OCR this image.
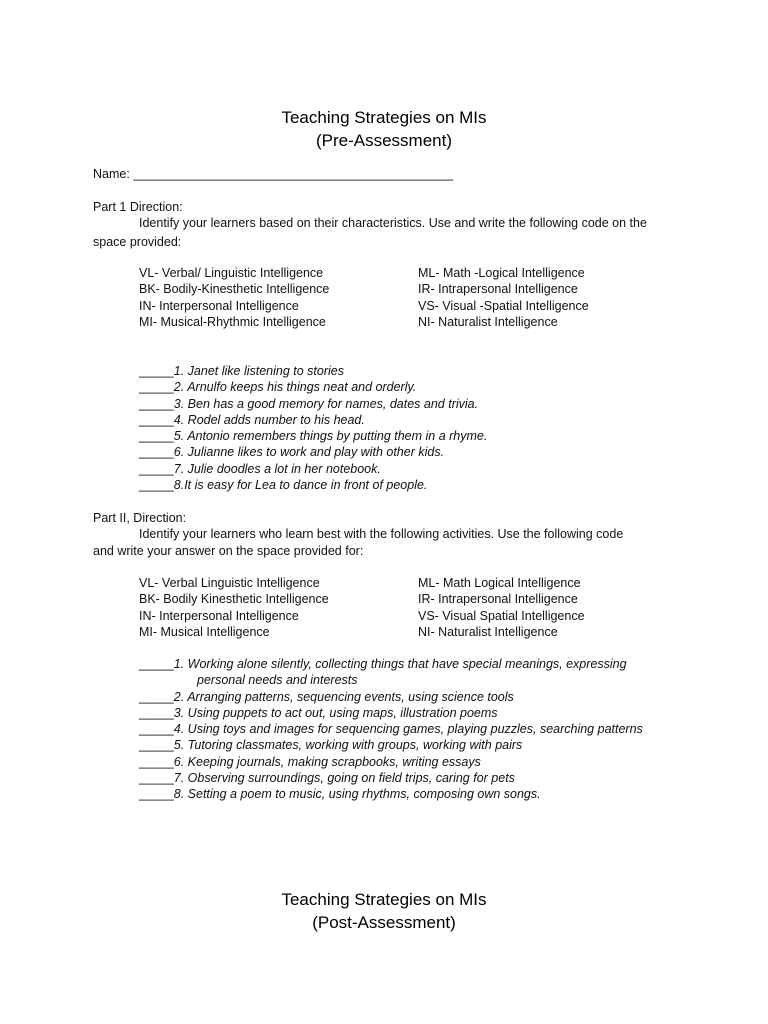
Teaching Strategies on MIs
(Pre-Assessment)
Name: ______________________________________________
Part 1 Direction:
Identify your learners based on their characteristics. Use and write the following code on the
space provided:
VL- Verbal/ Linguistic Intelligence
BK- Bodily-Kinesthetic Intelligence
IN- Interpersonal Intelligence
MI- Musical-Rhythmic Intelligence
ML- Math -Logical Intelligence
IR- Intrapersonal Intelligence
VS- Visual -Spatial Intelligence
NI- Naturalist Intelligence
_____1. Janet like listening to stories
_____2. Arnulfo keeps his things neat and orderly.
_____3. Ben has a good memory for names, dates and trivia.
_____4. Rodel adds number to his head.
_____5. Antonio remembers things by putting them in a rhyme.
_____6. Julianne likes to work and play with other kids.
_____7. Julie doodles a lot in her notebook.
_____8.It is easy for Lea to dance in front of people.
Part II, Direction:
Identify your learners who learn best with the following activities. Use the following code
and write your answer on the space provided for:
VL- Verbal Linguistic Intelligence
BK- Bodily Kinesthetic Intelligence
IN- Interpersonal Intelligence
MI- Musical Intelligence
ML- Math Logical Intelligence
IR- Intrapersonal Intelligence
VS- Visual Spatial Intelligence
NI- Naturalist Intelligence
_____1. Working alone silently, collecting things that have special meanings, expressing
personal needs and interests
_____2. Arranging patterns, sequencing events, using science tools
_____3. Using puppets to act out, using maps, illustration poems
_____4. Using toys and images for sequencing games, playing puzzles, searching patterns
_____5. Tutoring classmates, working with groups, working with pairs
_____6. Keeping journals, making scrapbooks, writing essays
_____7. Observing surroundings, going on field trips, caring for pets
_____8. Setting a poem to music, using rhythms, composing own songs.
Teaching Strategies on MIs
(Post-Assessment)
